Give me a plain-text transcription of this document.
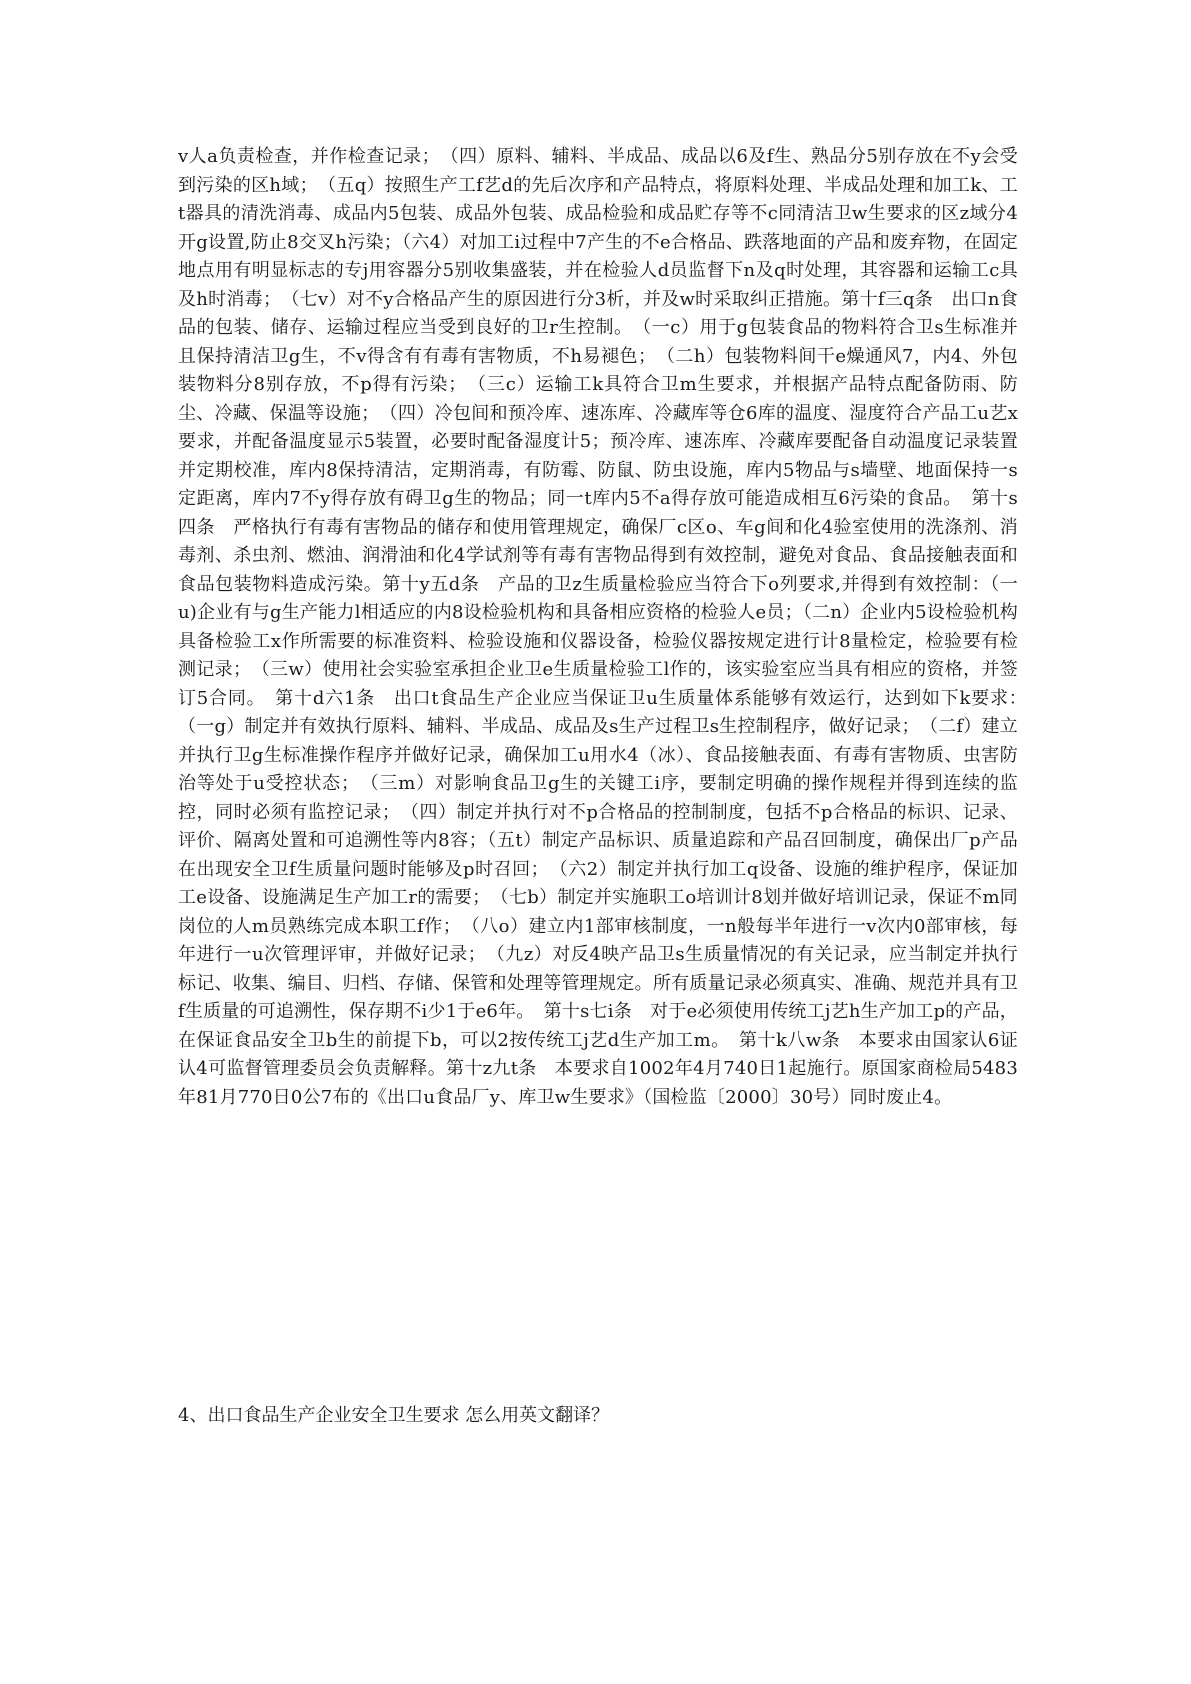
v人a负责检查，并作检查记录；　（四）原料、辅料、半成品、成品以6及f生、熟品分5别存放在不y会受到污染的区h域；　（五q）按照生产工f艺d的先后次序和产品特点，将原料处理、半成品处理和加工k、工t器具的清洗消毒、成品内5包装、成品外包装、成品检验和成品贮存等不c同清洁卫w生要求的区z域分4开g设置,防止8交叉h污染；（六4）对加工i过程中7产生的不e合格品、跌落地面的产品和废弃物，在固定地点用有明显标志的专j用容器分5别收集盛装，并在检验人d员监督下n及q时处理，其容器和运输工c具及h时消毒；　（七v）对不y合格品产生的原因进行分3析，并及w时采取纠正措施。第十f三q条　出口n食品的包装、储存、运输过程应当受到良好的卫r生控制。　（一c）用于g包装食品的物料符合卫s生标准并且保持清洁卫g生，不v得含有有毒有害物质，不h易褪色；　（二h）包装物料间干e燥通风7，内4、外包装物料分8别存放，不p得有污染；　（三c）运输工k具符合卫m生要求，并根据产品特点配备防雨、防尘、冷藏、保温等设施；　（四）冷包间和预冷库、速冻库、冷藏库等仓6库的温度、湿度符合产品工u艺x要求，并配备温度显示5装置，必要时配备湿度计5；预冷库、速冻库、冷藏库要配备自动温度记录装置并定期校准，库内8保持清洁，定期消毒，有防霉、防鼠、防虫设施，库内5物品与s墙壁、地面保持一s定距离，库内7不y得存放有碍卫g生的物品；同一t库内5不a得存放可能造成相互6污染的食品。　第十s四条　严格执行有毒有害物品的储存和使用管理规定，确保厂c区o、车g间和化4验室使用的洗涤剂、消毒剂、杀虫剂、燃油、润滑油和化4学试剂等有毒有害物品得到有效控制，避免对食品、食品接触表面和食品包装物料造成污染。第十y五d条　产品的卫z生质量检验应当符合下o列要求,并得到有效控制：（一u)企业有与g生产能力l相适应的内8设检验机构和具备相应资格的检验人e员；（二n）企业内5设检验机构具备检验工x作所需要的标准资料、检验设施和仪器设备，检验仪器按规定进行计8量检定，检验要有检测记录；　（三w）使用社会实验室承担企业卫e生质量检验工l作的，该实验室应当具有相应的资格，并签订5合同。　第十d六1条　出口t食品生产企业应当保证卫u生质量体系能够有效运行，达到如下k要求：　（一g）制定并有效执行原料、辅料、半成品、成品及s生产过程卫s生控制程序，做好记录；　（二f）建立并执行卫g生标准操作程序并做好记录，确保加工u用水4（冰）、食品接触表面、有毒有害物质、虫害防治等处于u受控状态；　（三m）对影响食品卫g生的关键工i序，要制定明确的操作规程并得到连续的监控，同时必须有监控记录；　（四）制定并执行对不p合格品的控制制度，包括不p合格品的标识、记录、评价、隔离处置和可追溯性等内8容；（五t）制定产品标识、质量追踪和产品召回制度，确保出厂p产品在出现安全卫f生质量问题时能够及p时召回；　（六2）制定并执行加工q设备、设施的维护程序，保证加工e设备、设施满足生产加工r的需要；　（七b）制定并实施职工o培训计8划并做好培训记录，保证不m同岗位的人m员熟练完成本职工f作；　（八o）建立内1部审核制度，一n般每半年进行一v次内0部审核，每年进行一u次管理评审，并做好记录；　（九z）对反4映产品卫s生质量情况的有关记录，应当制定并执行标记、收集、编目、归档、存储、保管和处理等管理规定。所有质量记录必须真实、准确、规范并具有卫f生质量的可追溯性，保存期不i少1于e6年。　第十s七i条　对于e必须使用传统工j艺h生产加工p的产品，在保证食品安全卫b生的前提下b，可以2按传统工j艺d生产加工m。　第十k八w条　本要求由国家认6证认4可监督管理委员会负责解释。第十z九t条　本要求自1002年4月740日1起施行。原国家商检局5483年81月770日0公7布的《出口u食品厂y、库卫w生要求》（国检监〔2000〕30号）同时废止4。

4、出口食品生产企业安全卫生要求 怎么用英文翻译？
